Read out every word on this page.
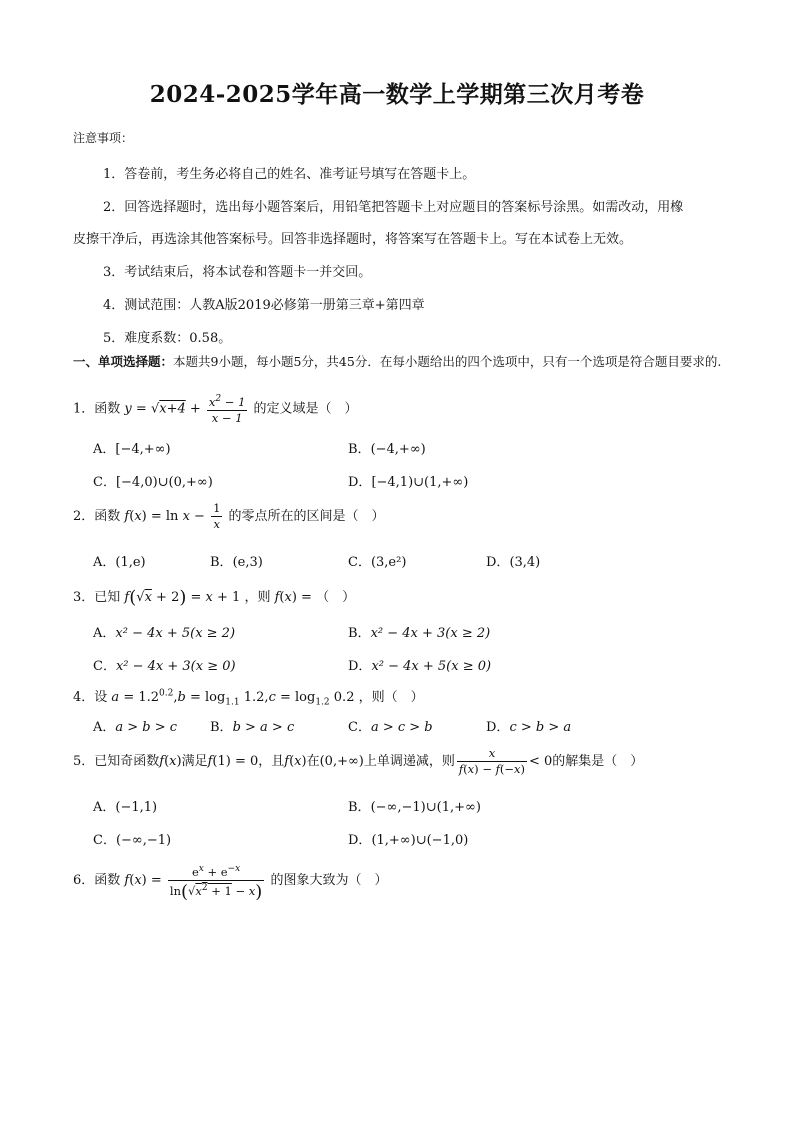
2024-2025学年高一数学上学期第三次月考卷
注意事项：
1．答卷前，考生务必将自己的姓名、准考证号填写在答题卡上。
2．回答选择题时，选出每小题答案后，用铅笔把答题卡上对应题目的答案标号涂黑。如需改动，用橡
皮擦干净后，再选涂其他答案标号。回答非选择题时，将答案写在答题卡上。写在本试卷上无效。
3．考试结束后，将本试卷和答题卡一并交回。
4．测试范围：人教A版2019必修第一册第三章+第四章
5．难度系数：0.58。
一、单项选择题：本题共9小题，每小题5分，共45分．在每小题给出的四个选项中，只有一个选项是符合题目要求的.
1．函数 $y = √x+4 + \frac{x^2 - 1}{x - 1}$ 的定义域是（　）
A．[−4,+∞)	B．(−4,+∞)
C．[−4,0)∪(0,+∞)	D．[−4,1)∪(1,+∞)
2．函数 $f(x) = \ln x - \frac{1}{x}$ 的零点所在的区间是（　）
A．(1,e)	B．(e,3)	C．(3,e²)	D．(3,4)
3．已知 f(√x + 2) = x + 1 ，则 f(x) = （　）
A．x² − 4x + 5(x ≥ 2)	B．x² − 4x + 3(x ≥ 2)
C．x² − 4x + 3(x ≥ 0)	D．x² − 4x + 5(x ≥ 0)
4．设 $a = 1.2^{0.2},b = \log_{1.1} 1.2,c = \log_{1.2} 0.2$ ，则（　）
A．a > b > c	B．b > a > c	C．a > c > b	D．c > b > a
5．已知奇函数f(x)满足f(1) = 0，且f(x)在(0,+∞)上单调递减，则 $\frac{x}{f(x) - f(-x)} < 0$的解集是（　）
A．(−1,1)	B．(−∞,−1)∪(1,+∞)
C．(−∞,−1)	D．(1,+∞)∪(−1,0)
6．函数 $f(x) = \frac{e^x + e^{-x}}{\ln(√x^2 + 1 - x)}$ 的图象大致为（　）
